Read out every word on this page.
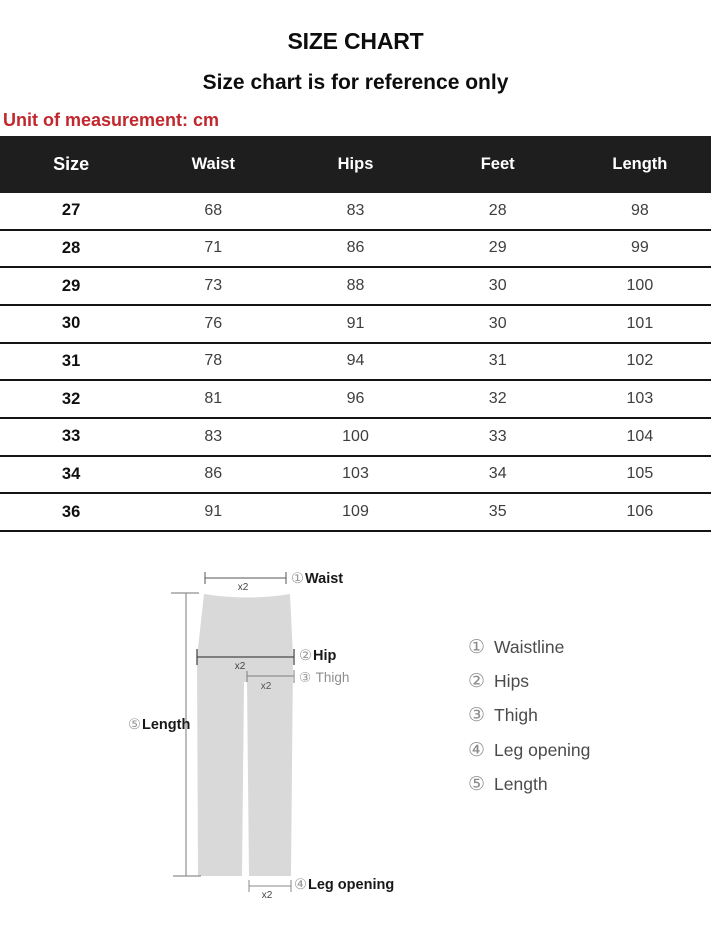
SIZE CHART
Size chart is for reference only
Unit of measurement: cm
Size	Waist	Hips	Feet	Length
27	68	83	28	98
28	71	86	29	99
29	73	88	30	100
30	76	91	30	101
31	78	94	31	102
32	81	96	32	103
33	83	100	33	104
34	86	103	34	105
36	91	109	35	106
x2
x2
x2
x2
①Waist
②Hip
③ Thigh
④Leg opening
⑤Length
① Waistline
② Hips
③ Thigh
④ Leg opening
⑤ Length
